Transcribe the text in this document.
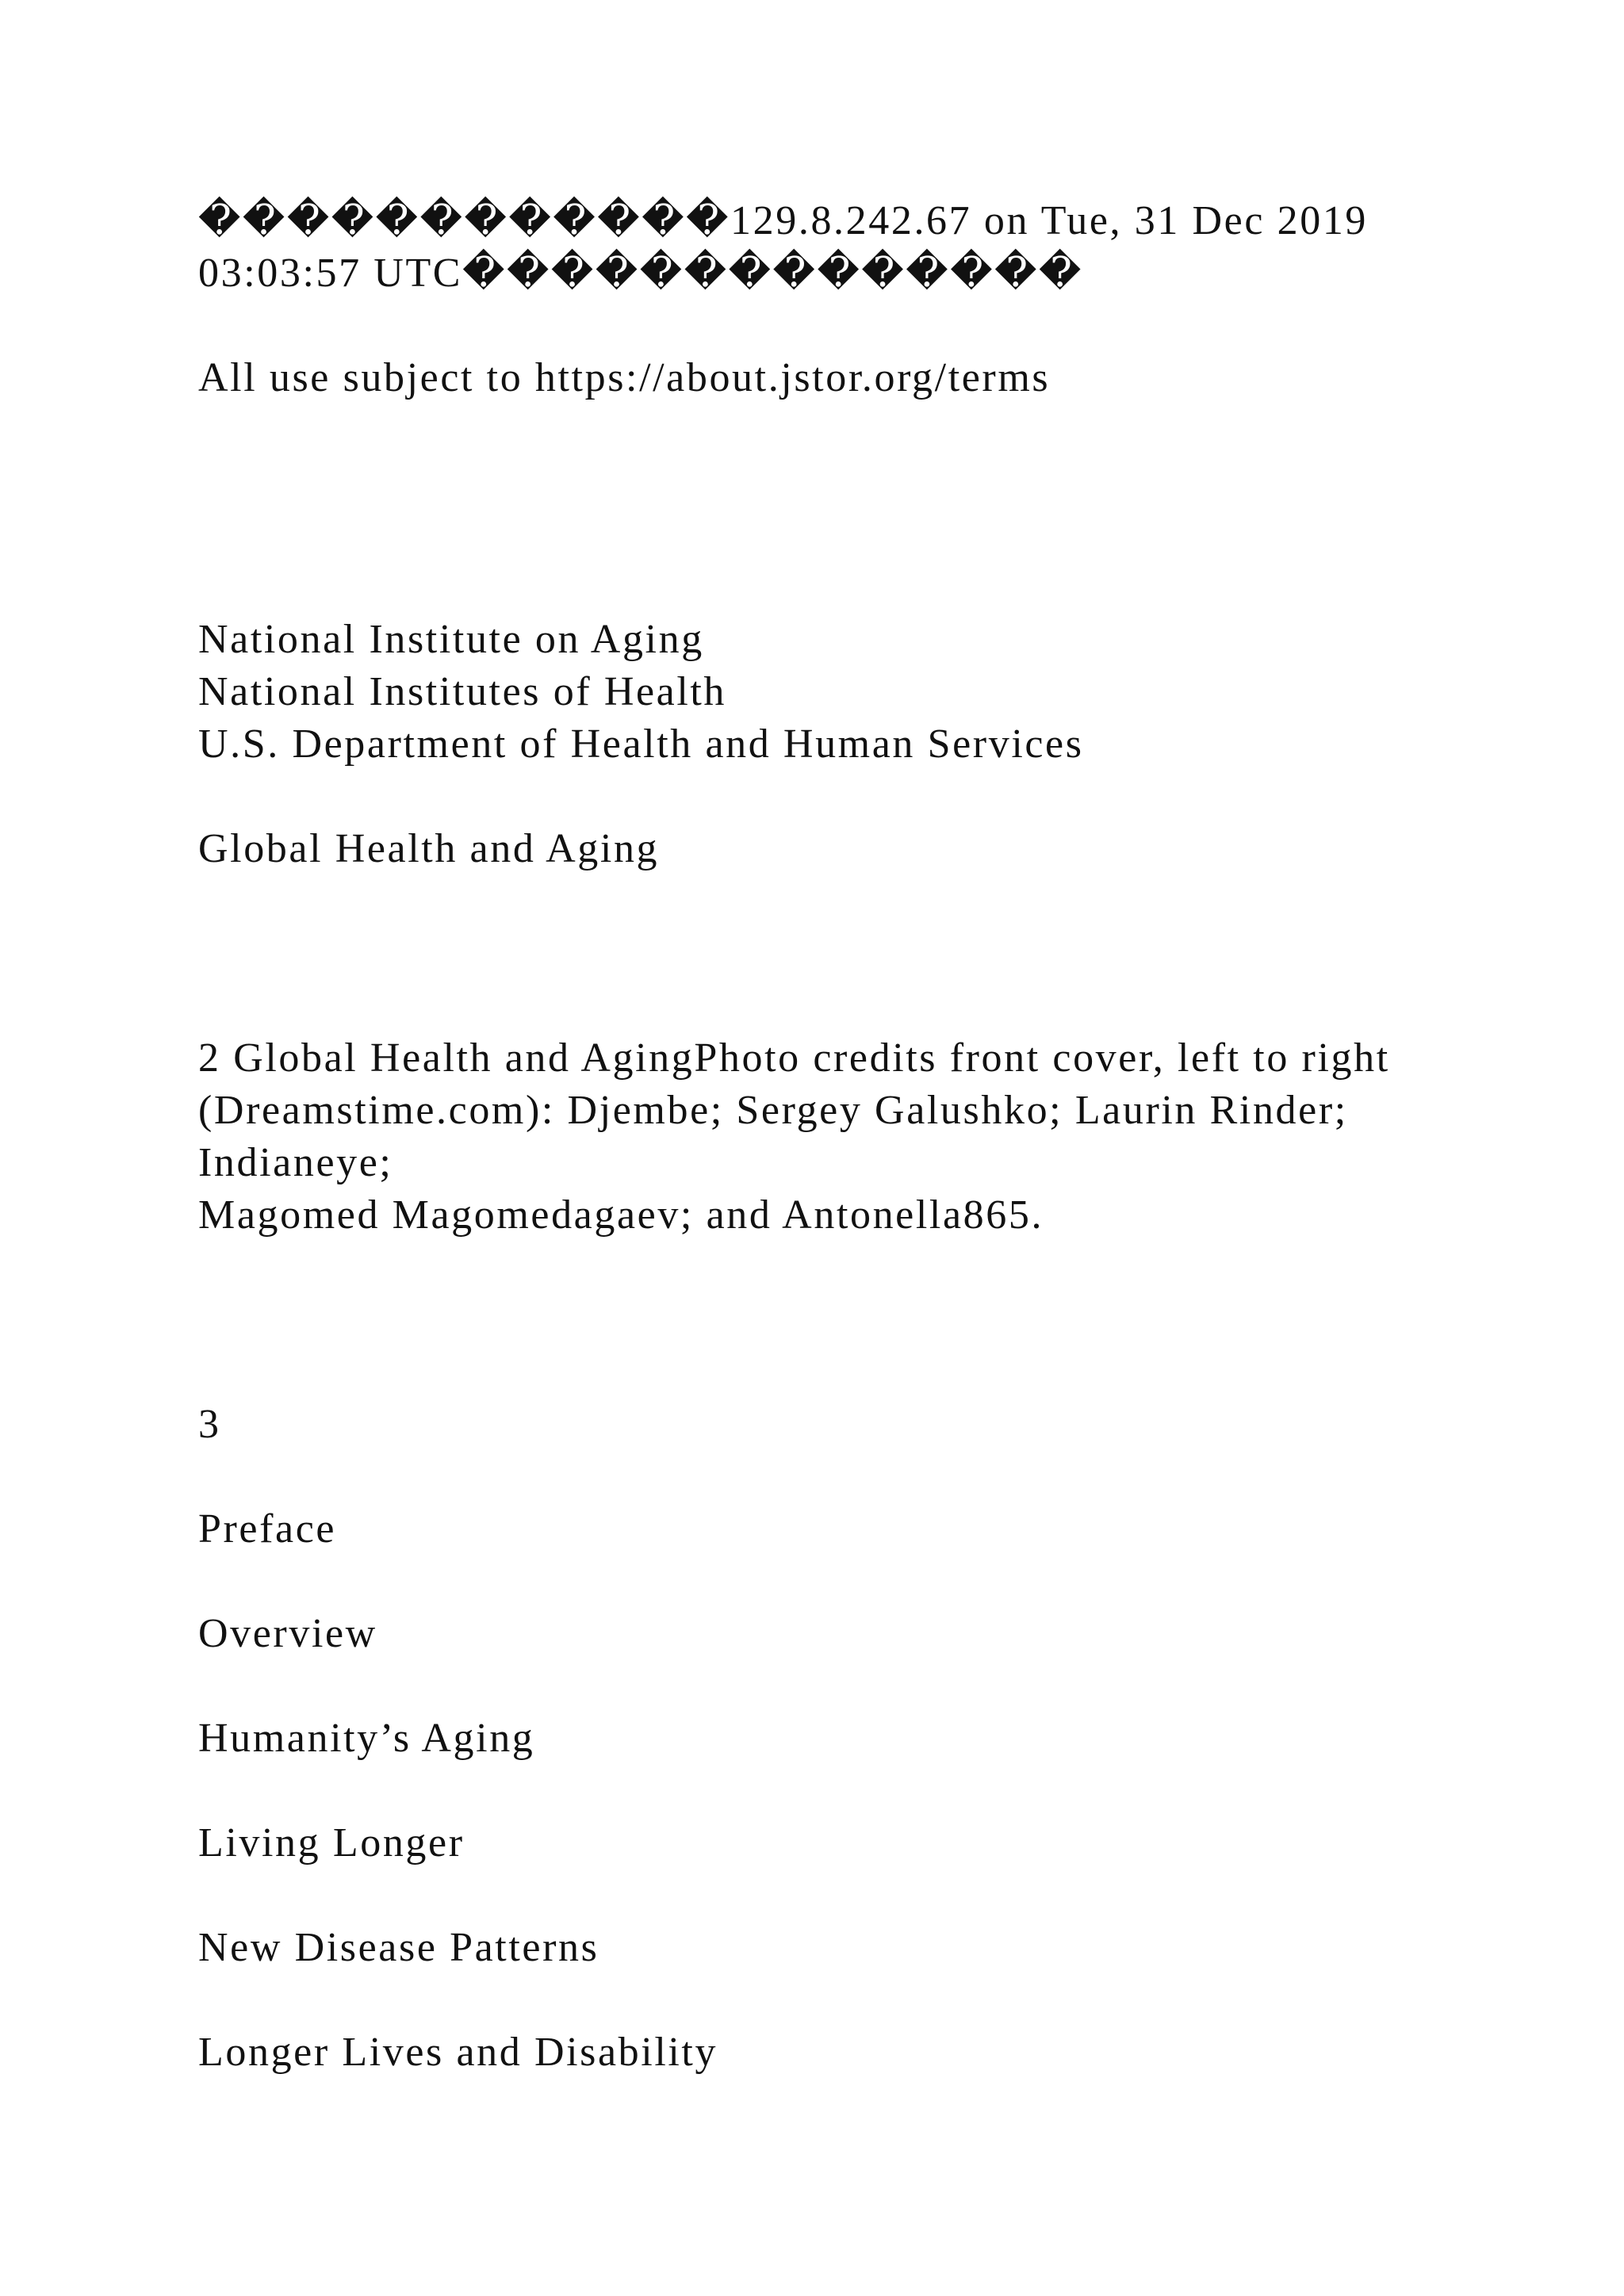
������������129.8.242.67 on Tue, 31 Dec 2019

03:03:57 UTC��������������

All use subject to https://about.jstor.org/terms

National Institute on Aging

National Institutes of Health

U.S. Department of Health and Human Services

Global Health and Aging

2 Global Health and AgingPhoto credits front cover, left to right

(Dreamstime.com): Djembe; Sergey Galushko; Laurin Rinder;

Indianeye;

Magomed Magomedagaev; and Antonella865.

3

Preface

Overview

Humanity’s Aging

Living Longer

New Disease Patterns

Longer Lives and Disability
